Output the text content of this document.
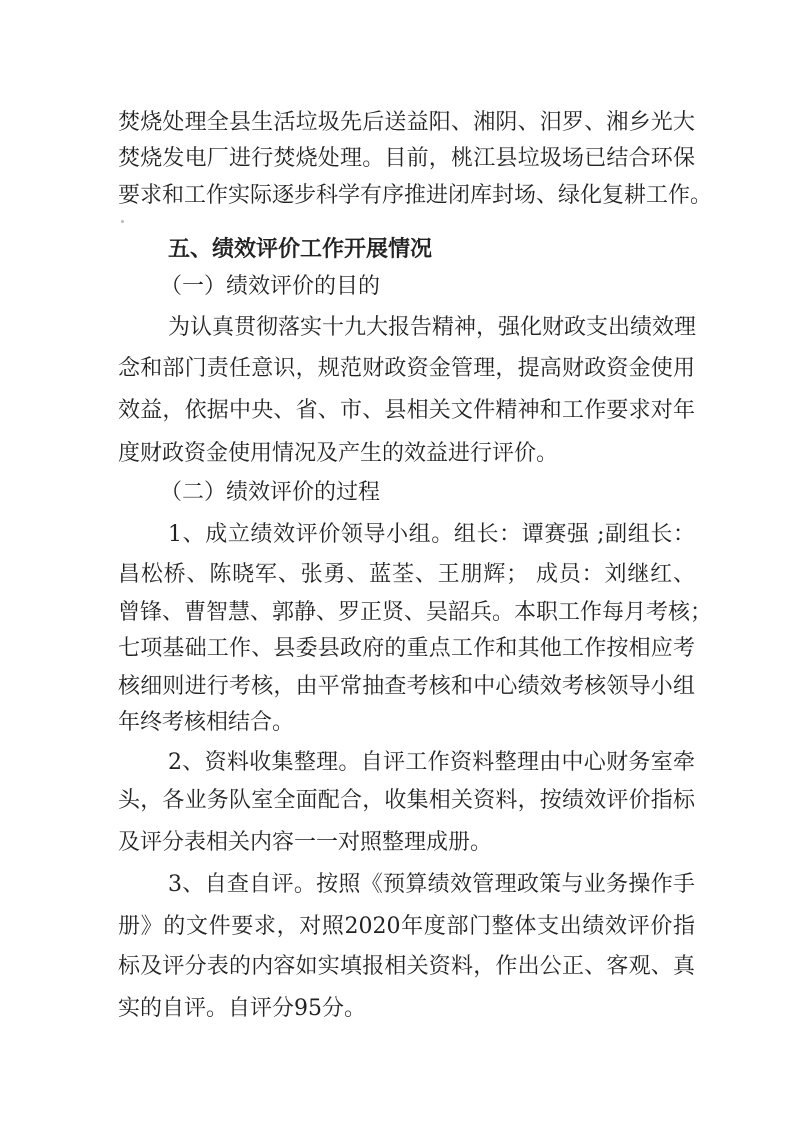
焚烧处理全县生活垃圾先后送益阳、湘阴、汨罗、湘乡光大
焚烧发电厂进行焚烧处理。目前，桃江县垃圾场已结合环保
要求和工作实际逐步科学有序推进闭库封场、绿化复耕工作。
五、绩效评价工作开展情况
（一）绩效评价的目的
为认真贯彻落实十九大报告精神，强化财政支出绩效理
念和部门责任意识，规范财政资金管理，提高财政资金使用
效益，依据中央、省、市、县相关文件精神和工作要求对年
度财政资金使用情况及产生的效益进行评价。
（二）绩效评价的过程
1、成立绩效评价领导小组。组长：谭赛强 ;副组长：
昌松桥、陈晓军、张勇、蓝荃、王朋辉； 成员：刘继红、
曾锋、曹智慧、郭静、罗正贤、吴韶兵。本职工作每月考核；
七项基础工作、县委县政府的重点工作和其他工作按相应考
核细则进行考核，由平常抽查考核和中心绩效考核领导小组
年终考核相结合。
2、资料收集整理。自评工作资料整理由中心财务室牵
头，各业务队室全面配合，收集相关资料，按绩效评价指标
及评分表相关内容一一对照整理成册。
3、自查自评。按照《预算绩效管理政策与业务操作手
册》的文件要求，对照2020年度部门整体支出绩效评价指
标及评分表的内容如实填报相关资料，作出公正、客观、真
实的自评。自评分95分。
